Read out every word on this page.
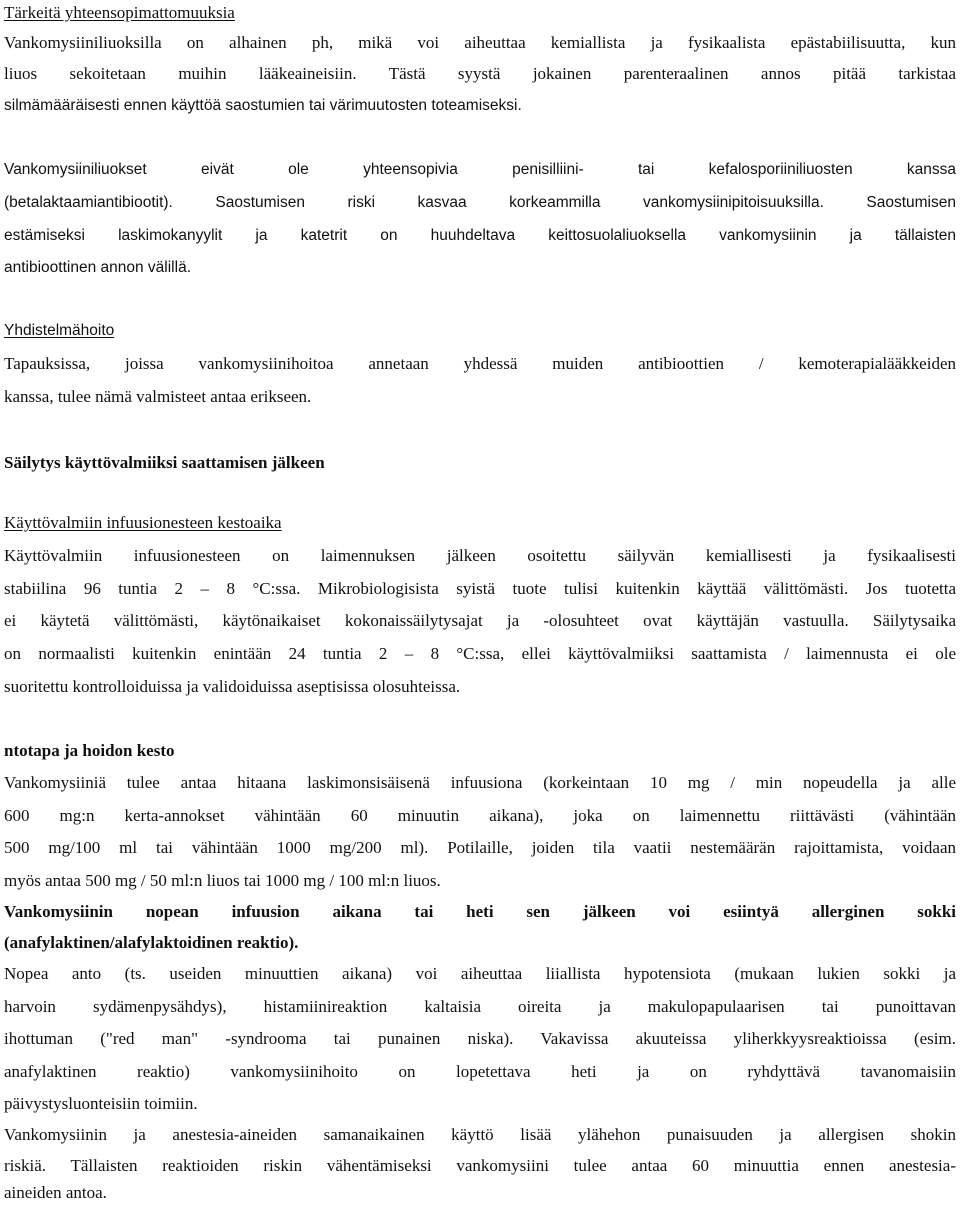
Tärkeitä yhteensopimattomuuksia
Vankomysiiniliuoksilla on alhainen ph, mikä voi aiheuttaa kemiallista ja fysikaalista epästabiilisuutta, kun
liuos sekoitetaan muihin lääkeaineisiin. Tästä syystä jokainen parenteraalinen annos pitää tarkistaa
silmämääräisesti ennen käyttöä saostumien tai värimuutosten toteamiseksi.
Vankomysiiniliuokset eivät ole yhteensopivia penisilliini- tai kefalosporiiniliuosten kanssa
(betalaktaamiantibiootit). Saostumisen riski kasvaa korkeammilla vankomysiinipitoisuuksilla. Saostumisen
estämiseksi laskimokanyylit ja katetrit on huuhdeltava keittosuolaliuoksella vankomysiinin ja tällaisten
antibioottinen annon välillä.
Yhdistelmähoito
Tapauksissa, joissa vankomysiinihoitoa annetaan yhdessä muiden antibioottien / kemoterapialääkkeiden
kanssa, tulee nämä valmisteet antaa erikseen.
Säilytys käyttövalmiiksi saattamisen jälkeen
Käyttövalmiin infuusionesteen kestoaika
Käyttövalmiin infuusionesteen on laimennuksen jälkeen osoitettu säilyvän kemiallisesti ja fysikaalisesti
stabiilina 96 tuntia 2 – 8 °C:ssa. Mikrobiologisista syistä tuote tulisi kuitenkin käyttää välittömästi. Jos tuotetta
ei käytetä välittömästi, käytönaikaiset kokonaissäilytysajat ja -olosuhteet ovat käyttäjän vastuulla. Säilytysaika
on normaalisti kuitenkin enintään 24 tuntia 2 – 8 °C:ssa, ellei käyttövalmiiksi saattamista / laimennusta ei ole
suoritettu kontrolloiduissa ja validoiduissa aseptisissa olosuhteissa.
ntotapa ja hoidon kesto
Vankomysiiniä tulee antaa hitaana laskimonsisäisenä infuusiona (korkeintaan 10 mg / min nopeudella ja alle
600 mg:n kerta-annokset vähintään 60 minuutin aikana), joka on laimennettu riittävästi (vähintään
500 mg/100 ml tai vähintään 1000 mg/200 ml). Potilaille, joiden tila vaatii nestemäärän rajoittamista, voidaan
myös antaa 500 mg / 50 ml:n liuos tai 1000 mg / 100 ml:n liuos.
Vankomysiinin nopean infuusion aikana tai heti sen jälkeen voi esiintyä allerginen sokki
(anafylaktinen/alafylaktoidinen reaktio).
Nopea anto (ts. useiden minuuttien aikana) voi aiheuttaa liiallista hypotensiota (mukaan lukien sokki ja
harvoin sydämenpysähdys), histamiinireaktion kaltaisia oireita ja makulopapulaarisen tai punoittavan
ihottuman ("red man" -syndrooma tai punainen niska). Vakavissa akuuteissa yliherkkyysreaktioissa (esim.
anafylaktinen reaktio) vankomysiinihoito on lopetettava heti ja on ryhdyttävä tavanomaisiin
päivystysluonteisiin toimiin.
Vankomysiinin ja anestesia-aineiden samanaikainen käyttö lisää ylähehon punaisuuden ja allergisen shokin
riskiä. Tällaisten reaktioiden riskin vähentämiseksi vankomysiini tulee antaa 60 minuuttia ennen anestesia-
aineiden antoa.
